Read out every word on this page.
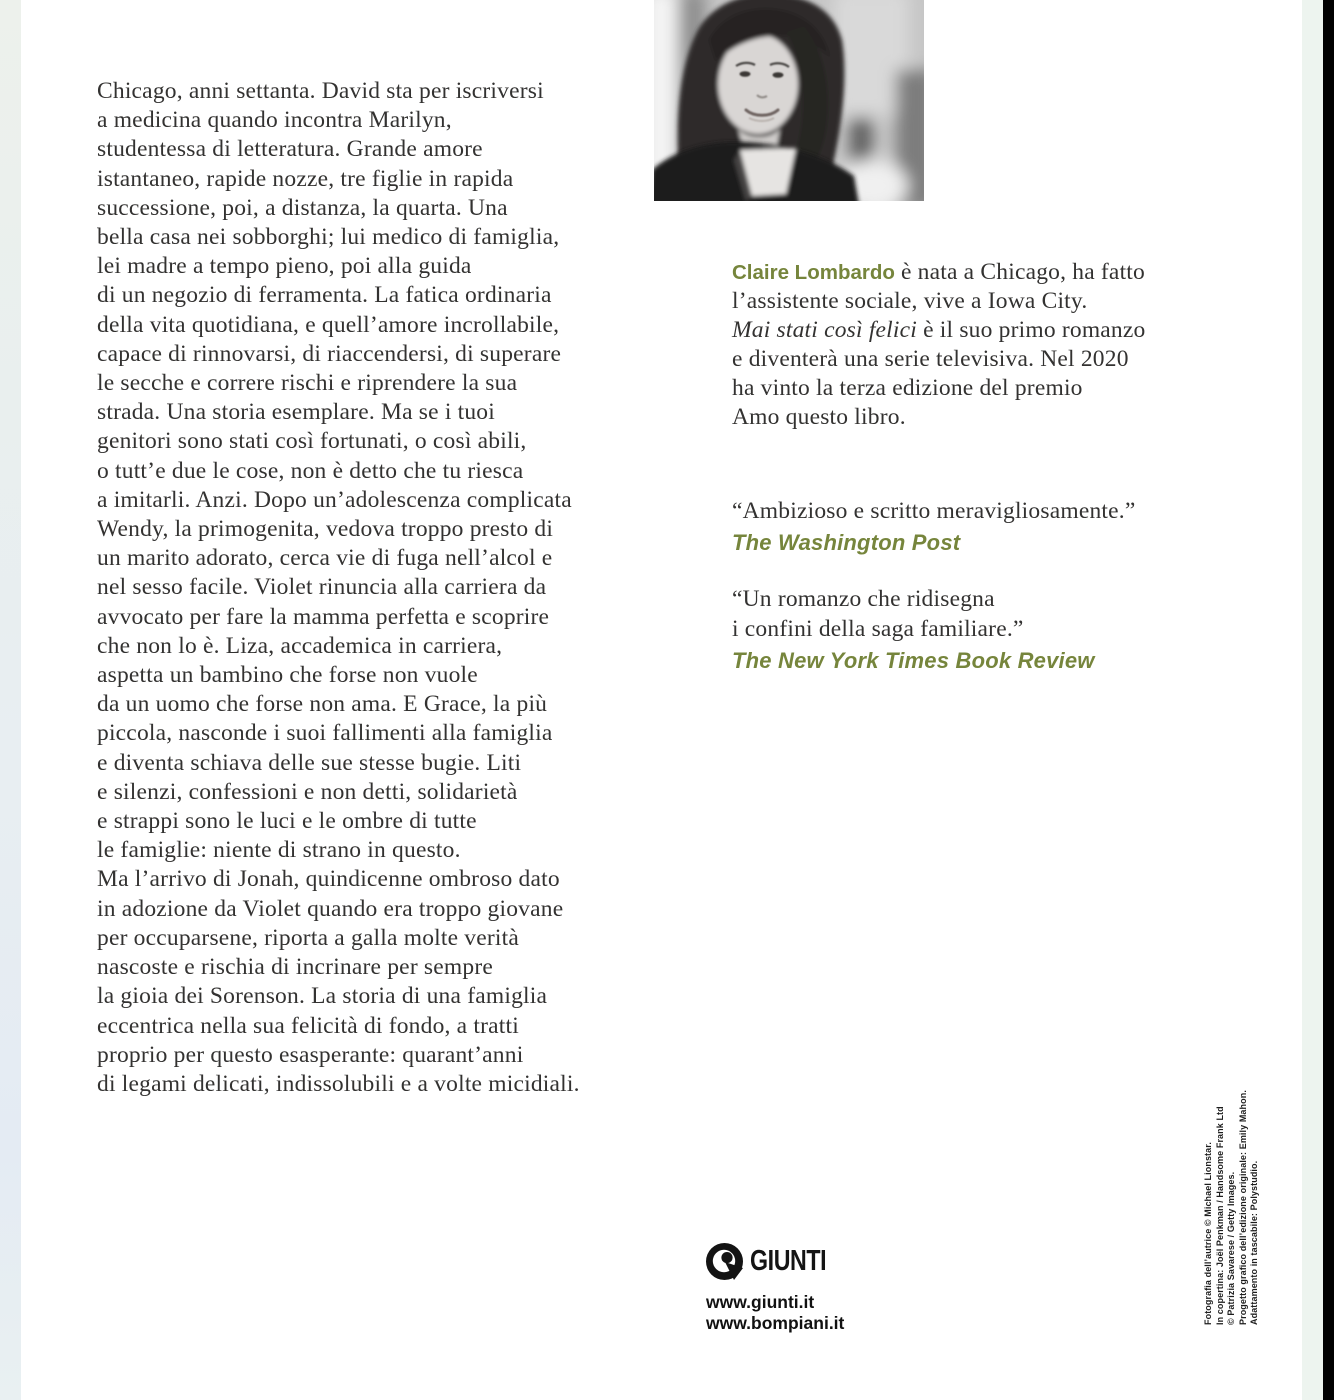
Chicago, anni settanta. David sta per iscriversi
a medicina quando incontra Marilyn,
studentessa di letteratura. Grande amore
istantaneo, rapide nozze, tre figlie in rapida
successione, poi, a distanza, la quarta. Una
bella casa nei sobborghi; lui medico di famiglia,
lei madre a tempo pieno, poi alla guida
di un negozio di ferramenta. La fatica ordinaria
della vita quotidiana, e quell’amore incrollabile,
capace di rinnovarsi, di riaccendersi, di superare
le secche e correre rischi e riprendere la sua
strada. Una storia esemplare. Ma se i tuoi
genitori sono stati così fortunati, o così abili,
o tutt’e due le cose, non è detto che tu riesca
a imitarli. Anzi. Dopo un’adolescenza complicata
Wendy, la primogenita, vedova troppo presto di
un marito adorato, cerca vie di fuga nell’alcol e
nel sesso facile. Violet rinuncia alla carriera da
avvocato per fare la mamma perfetta e scoprire
che non lo è. Liza, accademica in carriera,
aspetta un bambino che forse non vuole
da un uomo che forse non ama. E Grace, la più
piccola, nasconde i suoi fallimenti alla famiglia
e diventa schiava delle sue stesse bugie. Liti
e silenzi, confessioni e non detti, solidarietà
e strappi sono le luci e le ombre di tutte
le famiglie: niente di strano in questo.
Ma l’arrivo di Jonah, quindicenne ombroso dato
in adozione da Violet quando era troppo giovane
per occuparsene, riporta a galla molte verità
nascoste e rischia di incrinare per sempre
la gioia dei Sorenson. La storia di una famiglia
eccentrica nella sua felicità di fondo, a tratti
proprio per questo esasperante: quarant’anni
di legami delicati, indissolubili e a volte micidiali.
Claire Lombardo è nata a Chicago, ha fatto
l’assistente sociale, vive a Iowa City.
Mai stati così felici è il suo primo romanzo
e diventerà una serie televisiva. Nel 2020
ha vinto la terza edizione del premio
Amo questo libro.
“Ambizioso e scritto meravigliosamente.”
The Washington Post
“Un romanzo che ridisegna
i confini della saga familiare.”
The New York Times Book Review
GIUNTI
www.giunti.it
www.bompiani.it	Fotografia dell’autrice © Michael Lionstar. In copertina: Joël Penkman / Handsome Frank Ltd © Patrizia Savarese / Getty Images. Progetto grafico dell’edizione originale: Emily Mahon. Adattamento in tascabile: Polystudio.
